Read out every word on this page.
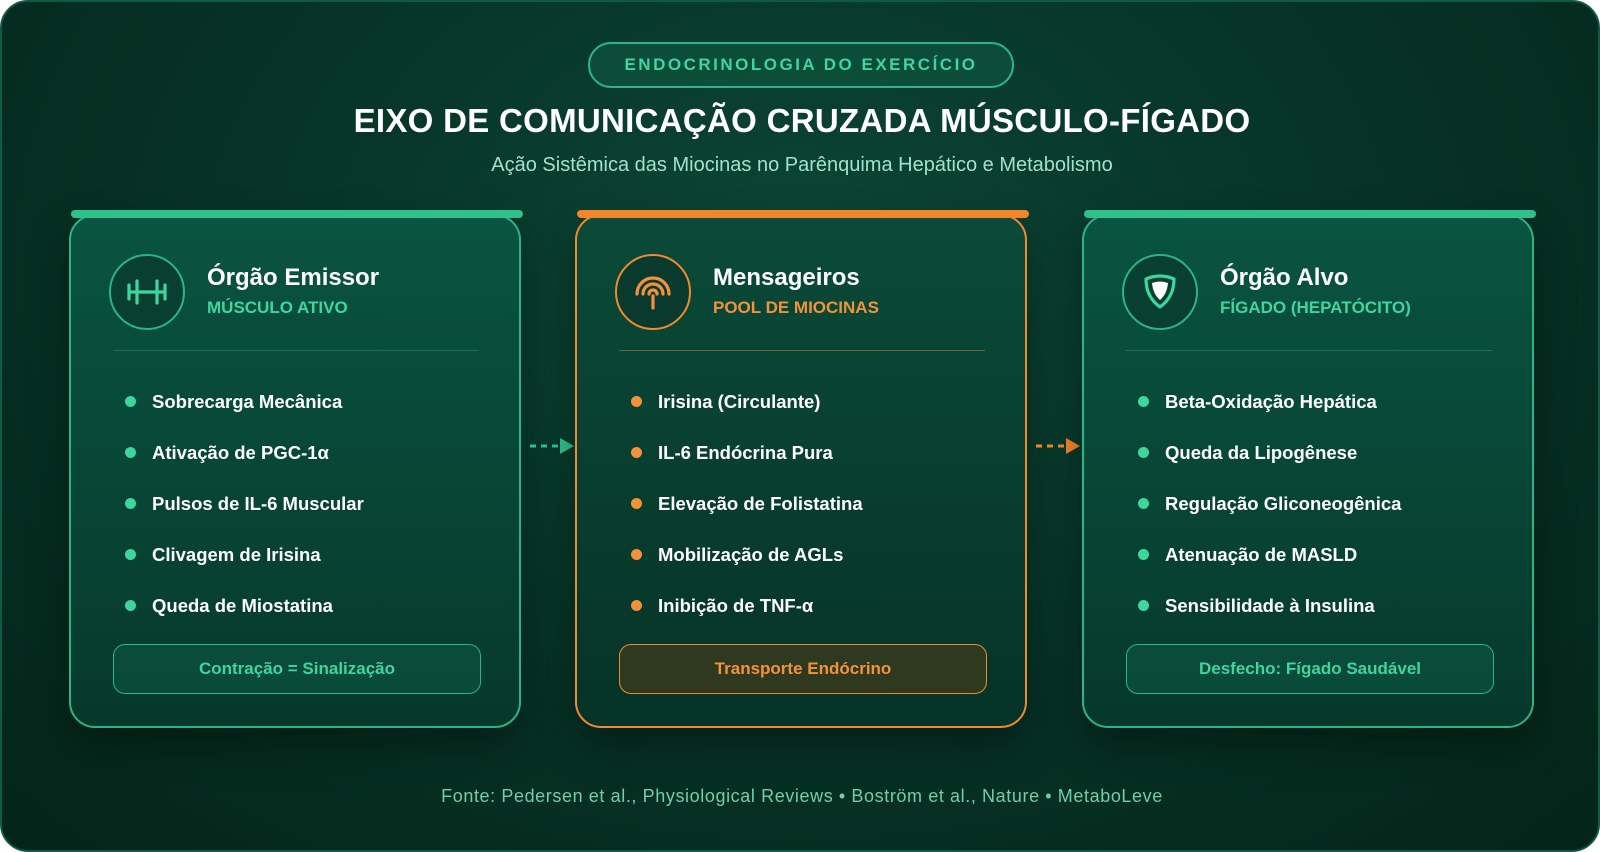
ENDOCRINOLOGIA DO EXERCÍCIO
EIXO DE COMUNICAÇÃO CRUZADA MÚSCULO-FÍGADO
Ação Sistêmica das Miocinas no Parênquima Hepático e Metabolismo
Órgão Emissor
MÚSCULO ATIVO
Sobrecarga Mecânica
Ativação de PGC-1α
Pulsos de IL-6 Muscular
Clivagem de Irisina
Queda de Miostatina
Contração = Sinalização
Mensageiros
POOL DE MIOCINAS
Irisina (Circulante)
IL-6 Endócrina Pura
Elevação de Folistatina
Mobilização de AGLs
Inibição de TNF-α
Transporte Endócrino
Órgão Alvo
FÍGADO (HEPATÓCITO)
Beta-Oxidação Hepática
Queda da Lipogênese
Regulação Gliconeogênica
Atenuação de MASLD
Sensibilidade à Insulina
Desfecho: Fígado Saudável
Fonte: Pedersen et al., Physiological Reviews • Boström et al., Nature • MetaboLeve
